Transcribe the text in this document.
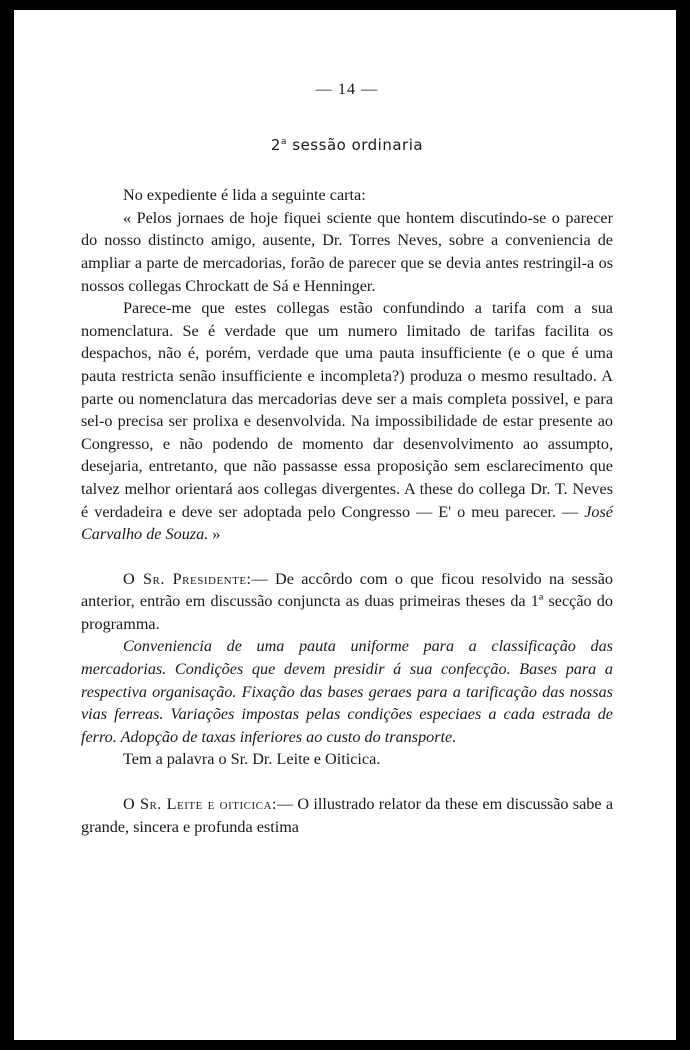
— 14 —
2$^a$ sessão ordinaria

No expediente é lida a seguinte carta:

« Pelos jornaes de hoje fiquei sciente que hontem discutindo-se o parecer do nosso distincto amigo, ausente, Dr. Torres Neves, sobre a conveniencia de ampliar a parte de mercadorias, forão de parecer que se devia antes restringil-a os nossos collegas Chrockatt de Sá e Henninger.

Parece-me que estes collegas estão confundindo a tarifa com a sua nomenclatura. Se é verdade que um numero limitado de tarifas facilita os despachos, não é, porém, verdade que uma pauta insufficiente (e o que é uma pauta restricta senão insufficiente e incompleta?) produza o mesmo resultado. A parte ou nomenclatura das mercadorias deve ser a mais completa possivel, e para sel-o precisa ser prolixa e desenvolvida. Na impossibilidade de estar presente ao Congresso, e não podendo de momento dar desenvolvimento ao assumpto, desejaria, entretanto, que não passasse essa proposição sem esclarecimento que talvez melhor orientará aos collegas divergentes. A these do collega Dr. T. Neves é verdadeira e deve ser adoptada pelo Congresso — E' o meu parecer. — José Carvalho de Souza. »

O Sr. Presidente:— De accôrdo com o que ficou resolvido na sessão anterior, entrão em discussão conjuncta as duas primeiras theses da 1ª secção do programma.

Conveniencia de uma pauta uniforme para a classificação das mercadorias. Condições que devem presidir á sua confecção. Bases para a respectiva organisação. Fixação das bases geraes para a tarificação das nossas vias ferreas. Variações impostas pelas condições especiaes a cada estrada de ferro. Adopção de taxas inferiores ao custo do transporte.

Tem a palavra o Sr. Dr. Leite e Oiticica.

O Sr. Leite e oiticica:— O illustrado relator da these em discussão sabe a grande, sincera e profunda estima
